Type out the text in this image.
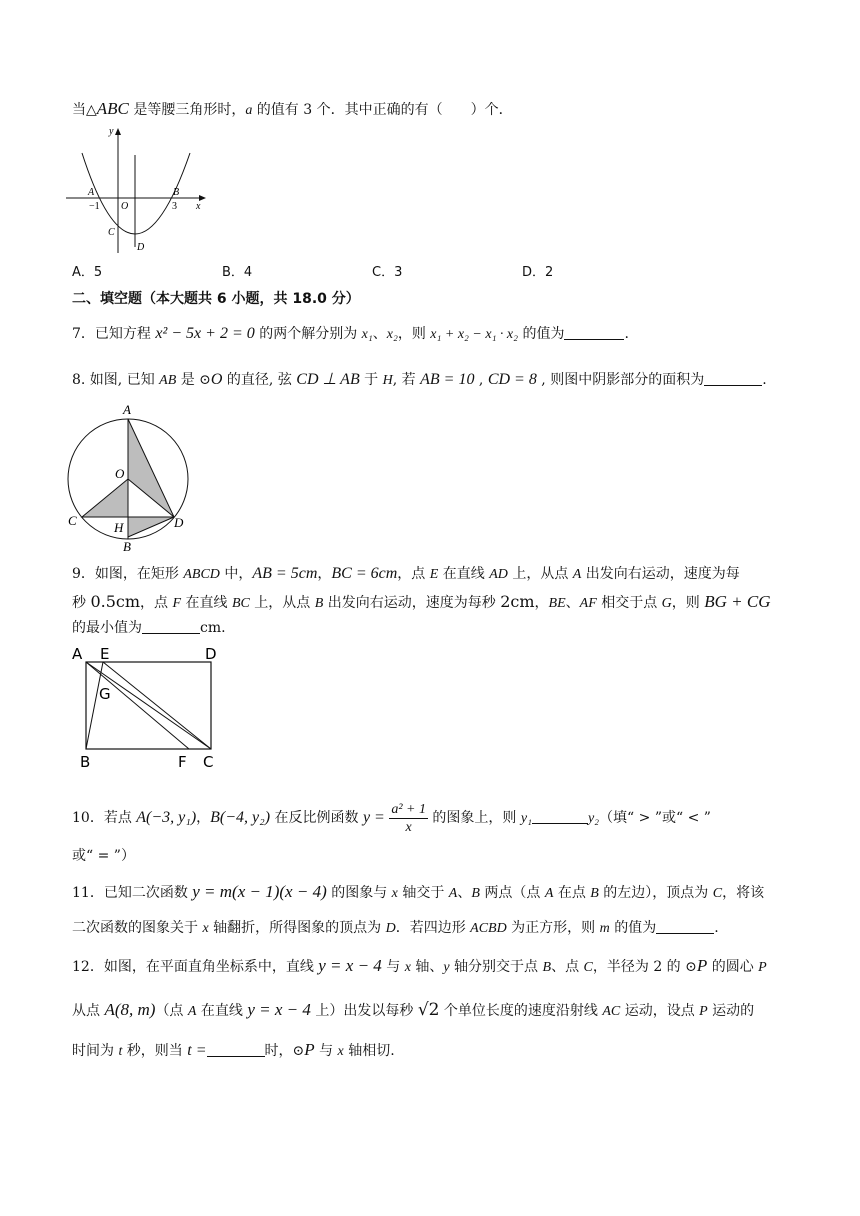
当△ABC 是等腰三角形时，a 的值有 3 个．其中正确的有（　　）个．
y
A	B
−1 O	3 x
C
D
A．5	B．4	C．3	D．2
二、填空题（本大题共 6 小题，共 18.0 分）
7．已知方程 x² − 5x + 2 = 0 的两个解分别为 x₁、x₂，则 x₁ + x₂ − x₁ · x₂ 的值为	.
8. 如图, 已知 AB 是 ⊙O 的直径, 弦 CD ⊥ AB 于 H, 若 AB = 10 , CD = 8 , 则图中阴影部分的面积为	.
A
O
C	H	D
B
9．如图，在矩形 ABCD 中，AB = 5cm，BC = 6cm，点 E 在直线 AD 上，从点 A 出发向右运动，速度为每
秒 0.5cm，点 F 在直线 BC 上，从点 B 出发向右运动，速度为每秒 2cm，BE、AF 相交于点 G，则 BG + CG
的最小值为	cm.
A E	D
G
B	F C
10．若点 A(−3, y₁)，B(−4, y₂) 在反比例函数 $y = \frac{\text{a² + 1}}{x}$ 的图象上，则 y₁	y₂（填“ > ”或“ < ”
或“ = ”）
11．已知二次函数 y = m(x − 1)(x − 4) 的图象与 x 轴交于 A、B 两点（点 A 在点 B 的左边），顶点为 C，将该
二次函数的图象关于 x 轴翻折，所得图象的顶点为 D．若四边形 ACBD 为正方形，则 m 的值为	.
12．如图，在平面直角坐标系中，直线 y = x − 4 与 x 轴、y 轴分别交于点 B、点 C，半径为 2 的 ⊙P 的圆心 P
从点 A(8, m)（点 A 在直线 y = x − 4 上）出发以每秒 √2 个单位长度的速度沿射线 AC 运动，设点 P 运动的
时间为 t 秒，则当 t =	时，⊙P 与 x 轴相切.
